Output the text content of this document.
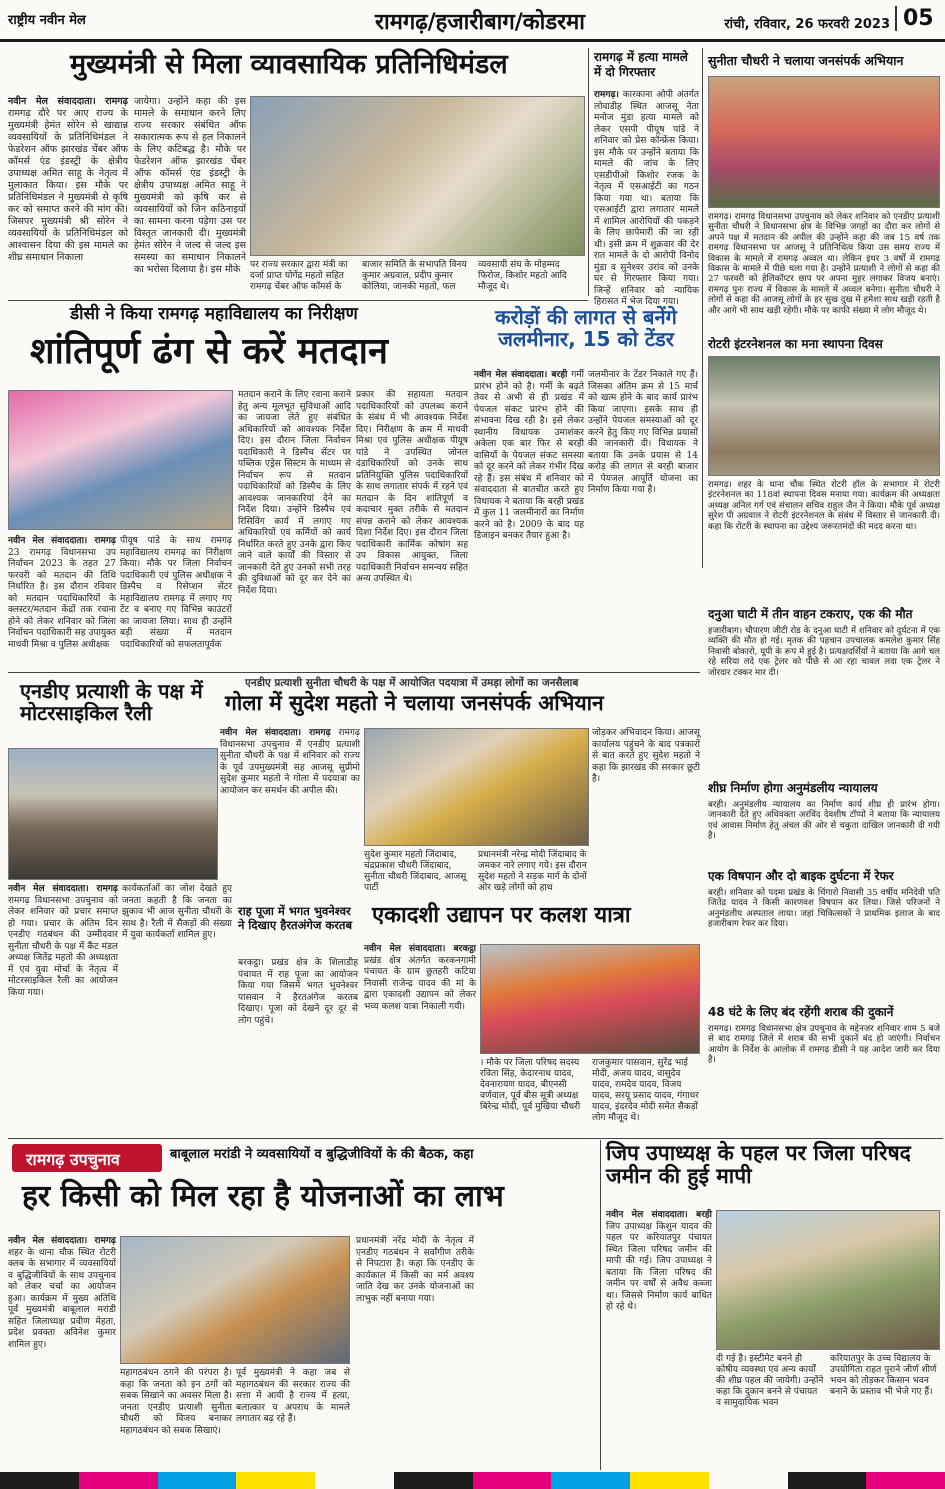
राष्ट्रीय नवीन मेल	रामगढ़/हजारीबाग/कोडरमा	रांची, रविवार, 26 फरवरी 2023 05
मुख्यमंत्री से मिला व्यावसायिक प्रतिनिधिमंडल
नवीन मेल संवाददाता। रामगढ़ रामगढ़ दौरे पर आए राज्य के मुख्यमंत्री हेमंत सोरेन से खाद्यान्न व्यवसायियों के प्रतिनिधिमंडल ने फेडरेशन ऑफ झारखंड चेंबर ऑफ कॉमर्स एंड इंडस्ट्री के क्षेत्रीय उपाध्यक्ष अमित साहू के नेतृत्व में मुलाकात किया। इस मौके पर प्रतिनिधिमंडल ने मुख्यमंत्री से कृषि कर को समाप्त करने की मांग की। जिसपर मुख्यमंत्री श्री सोरेन ने व्यवसायियों के प्रतिनिधिमंडल को आश्वासन दिया की इस मामले का शीघ्र समाधान निकाला
जायेगा। उन्होंने कहा की इस मामले के समाधान करने लिए राज्य सरकार संबंधित ऑफ सकारात्मक रूप से हल निकालने के लिए कटिबद्ध है। मौके पर फेडरेशन ऑफ झारखंड चेंबर ऑफ कॉमर्स एंड इंडस्ट्री के क्षेत्रीय उपाध्यक्ष अमित साहू ने मुख्यमंत्री को कृषि कर से व्यवसायियों को जिन कठिनाइयों का सामना करना पड़ेगा उस पर विस्तृत जानकारी दी। मुख्यमंत्री हेमंत सोरेन ने जल्द से जल्द इस समस्या का समाधान निकालने का भरोसा दिलाया है। इस मौके	पर राज्य सरकार द्वारा मंत्री का दर्जा प्राप्त योगेंद्र महतो सहित रामगढ़ चेंबर ऑफ कॉमर्स के
बाजार समिति के सभापति विनय कुमार अग्रवाल, प्रदीप कुमार कोलिया, जानकी महतो, फल
व्यवसायी संघ के मोहम्मद फिरोज, किशोर महतो आदि मौजूद थे।
रामगढ़ में हत्या मामले में दो गिरफ्तार
रामगढ़। कारकाना ओपी अंतर्गत लोवाडीह स्थित आजसू नेता मनोज मुंडा हत्या मामले को लेकर एसपी पीयूष पांडे ने शनिवार को प्रेस कॉन्फ्रेंस किया। इस मौके पर उन्होंने बताया कि मामले की जांच के लिए एसडीपीओ किशोर रजक के नेतृत्व में एसआईटी का गठन किया गया था। बताया कि एसआईटी द्वारा लगातार मामले में शामिल आरोपियों की पकड़ने के लिए छापेमारी की जा रही थी। इसी क्रम में शुक्रवार की देर रात मामले के दो आरोपी विनोद मुंडा व सुनेश्वर उरांव को उनके घर से गिरफ्तार किया गया। जिन्हें शनिवार को न्यायिक हिरासत में भेज दिया गया।
सुनीता चौधरी ने चलाया जनसंपर्क अभियान
रामगढ़। रामगढ़ विधानसभा उपचुनाव को लेकर शनिवार को एनडीए प्रत्याशी सुनीता चौधरी ने विधानसभा क्षेत्र के विभिन्न जगहों का दौरा कर लोगों से अपने पक्ष में मतदान की अपील की उन्होंने कहा की जब 15 वर्ष तक रामगढ़ विधानसभा पर आजसू ने प्रतिनिधित्व किया उस समय राज्य में विकास के मामले में रामगढ़ अव्वल था। लेकिन इधर 3 वर्षों में रामगढ़ विकास के मामले में पीछे चला गया है। उन्होंने प्रत्याशी ने लोगों से कहा की 27 फरवरी को हेलिकॉप्टर छाप पर अपना मुहर लगाकर विजय बनाएं। रामगढ़ पुनः राज्य में विकास के मामले में अव्वल बनेगा। सुनीता चौधरी ने लोगों से कहा की आजसू लोगों के हर सुख दुख में हमेशा साथ खड़ी रहती है और आगे भी साथ खड़ी रहेगी। मौके पर काफी संख्या में लोग मौजूद थे।
डीसी ने किया रामगढ़ महाविद्यालय का निरीक्षण
शांतिपूर्ण ढंग से करें मतदान
नवीन मेल संवाददाता। रामगढ़ 23 रामगढ़ विधानसभा उप निर्वाचन 2023 के तहत 27 फरवरी को मतदान की तिथि निर्धारित है। इस दौरान रविवार को मतदान पदाधिकारियों के क्लस्टर/मतदान केंद्रों तक रवाना होने को लेकर शनिवार को जिला निर्वाचन पदाधिकारी सह उपायुक्त माधवी मिश्रा व पुलिस अधीक्षक
पीयूष पांडे के साथ रामगढ़ महाविद्यालय रामगढ़ का निरीक्षण किया। मौके पर जिला निर्वाचन पदाधिकारी एवं पुलिस अधीक्षक ने डिस्पैच व रिसेप्शन सेंटर महाविद्यालय रामगढ़ में लगाए गए टेंट व बनाए गए विभिन्न काउंटरों का जायजा लिया। साथ ही उन्होंने बड़ी संख्या में मतदान पदाधिकारियों को सफलतापूर्वक
मतदान कराने के लिए रवाना कराने हेतु अन्य मूलभूत सुविधाओं आदि का जायजा लेते हुए संबंधित अधिकारियों को आवश्यक निर्देश दिए। इस दौरान जिला निर्वाचन पदाधिकारी ने डिस्पैच सेंटर पर पब्लिक एड्रेस सिस्टम के माध्यम से निर्वाचन रूप से मतदान पदाधिकारियों को डिस्पैच के लिए आवश्यक जानकारियां देने का निर्देश दिया। उन्होंने डिस्पैच एवं रिसिविंग कार्य में लगाए गए अधिकारियों एवं कर्मियों को कार्य निर्धारित करते हुए उनके द्वारा किए जाने वाले कार्यों की विस्तार से जानकारी देते हुए उनको सभी तरह की दुविधाओं को दूर कर देने का निर्देश दिया।
प्रकार की सहायता मतदान पदाधिकारियों को उपलब्ध कराने के संबंध में भी आवश्यक निर्देश दिए। निरीक्षण के क्रम में माधवी मिश्रा एवं पुलिस अधीक्षक पीयूष पांडे ने उपस्थित जोनल दंडाधिकारियों को उनके साथ प्रतिनियुक्ति पुलिस पदाधिकारियों के साथ लगातार संपर्क में रहने एवं मतदान के दिन शांतिपूर्ण व कदाचार मुक्त तरीके से मतदान संपन्न कराने को लेकर आवश्यक दिशा निर्देश दिए। इस दौरान जिला पदाधिकारी कार्मिक कोषांग सह उप विकास आयुक्त, जिला पदाधिकारी निर्वाचन समन्वय सहित अन्य उपस्थित थे।
करोड़ों की लागत से बनेंगे जलमीनार, 15 को टेंडर
नवीन मेल संवाददाता। बरही गर्मी प्रारंभ होने को है। गर्मी के बढ़ते तेवर से अभी से ही प्रखंड में पेयजल संकट प्रारंभ होने की संभावना दिख रही है। इसे लेकर स्थानीय विधायक उमाशंकर अकेला एक बार फिर से बरही वासियों के पेयजल संकट समस्या को दूर करने को लेकर गंभीर दिख रहे हैं। इस संबंध में शनिवार को संवाददाता से बातचीत करते हुए विधायक ने बताया कि बरही प्रखंड में कुल 11 जलमीनारों का निर्माण करने को है। 2009 के बाद यह डिजाइन बनकर तैयार हुआ है।
जलमीनार के टेंडर निकाले गए हैं। जिसका अंतिम क्रम से 15 मार्च को खत्म होने के बाद कार्य प्रारंभ किया जाएगा। इसके साथ ही उन्होंने पेयजल समस्याओं को दूर करने हेतु किए गए विभिन्न प्रयासों की जानकारी दी। विधायक ने बताया कि उनके प्रयास से 14 करोड़ की लागत से बरही बाजार में पेयजल आपूर्ति योजना का निर्माण किया गया है।
रोटरी इंटरनेशनल का मना स्थापना दिवस
रामगढ़। शहर के थाना चौक स्थित रोटरी हॉल के सभागार में रोटरी इंटरनेशनल का 118वां स्थापना दिवस मनाया गया। कार्यक्रम की अध्यक्षता अध्यक्ष अनिल गर्ग एवं संचालन सचिव राहुल जैन ने किया। मौके पूर्व अध्यक्ष सुरेश पी अग्रवाल ने रोटरी इंटरनेशनल के संबंध में विस्तार से जानकारी दी। कहा कि रोटरी के स्थापना का उद्देश्य जरूरतमंदों की मदद करना था।
दनुआ घाटी में तीन वाहन टकराए, एक की मौत
हजारीबाग। चौपारण जीटी रोड के दनुआ घाटी में शनिवार को दुर्घटना में एक व्यक्ति की मौत हो गई। मृतक की पहचान उपचालक कमलेश कुमार सिंह निवासी बोकारो, यूपी के रूप में हुई है। प्रत्यक्षदर्शियों ने बताया कि आगे चल रहे सरिया लदे एक ट्रेलर को पीछे से आ रहा चावल लदा एक ट्रेलर ने जोरदार टक्कर मार दी।
शीघ्र निर्माण होगा अनुमंडलीय न्यायालय
बरही। अनुमंडलीय न्यायालय का निर्माण कार्य शीघ्र ही प्रारंभ होगा। जानकारी देते हुए अधिवक्ता अरविंद देवशीष टॉप्पो ने बताया कि न्यायालय एवं आवास निर्माण हेतु अंचल की ओर से चकुता दाखिल जानकारी दी गयी है।
एक विषपान और दो बाइक दुर्घटना में रेफर
बरही। शनिवार को पदमा प्रखंड के चिंगारो निवासी 35 वर्षीय मनिदेवी पति जितेंद्र यादव ने किसी कारणवश विषपान कर लिया। जिसे परिजनों ने अनुमंडलीय अस्पताल लाया। जहां चिकित्सकों ने प्राथमिक इलाज के बाद हजारीबाग रेफर कर दिया।
48 घंटे के लिए बंद रहेंगी शराब की दुकानें
रामगढ़। रामगढ़ विधानसभा क्षेत्र उपचुनाव के मद्देनजर शनिवार शाम 5 बजे से बाद रामगढ़ जिले में शराब की सभी दुकानें बंद हो जाएंगी। निर्वाचन आयोग के निर्देश के आलोक में रामगढ़ डीसी ने यह आदेश जारी कर दिया है।
एनडीए प्रत्याशी सुनीता चौधरी के पक्ष में आयोजित पदयात्रा में उमड़ा लोगों का जनसैलाब
गोला में सुदेश महतो ने चलाया जनसंपर्क अभियान
नवीन मेल संवाददाता। रामगढ़ रामगढ़ विधानसभा उपचुनाव में एनडीए प्रत्याशी सुनीता चौधरी के पक्ष में शनिवार को राज्य के पूर्व उपमुख्यमंत्री सह आजसू सुप्रीमो सुदेश कुमार महतो ने गोला में पदयात्रा का आयोजन कर समर्थन की अपील की।
सुदेश कुमार महतो जिंदाबाद, चंद्रप्रकाश चौधरी जिंदाबाद, सुनीता चौधरी जिंदाबाद, आजसू पार्टी
प्रधानमंत्री नरेन्द्र मोदी जिंदाबाद के जमकर नारे लगाए गये। इस दौरान सुदेश महतो ने सड़क मार्ग के दोनों ओर खड़े लोगों को हाथ
जोड़कर अभिवादन किया। आजसू कार्यालय पहुंचने के बाद पत्रकारों से बात करते हुए सुदेश महतो ने कहा कि झारखंड की सरकार छूटी है।
एनडीए प्रत्याशी के पक्ष में मोटरसाइकिल रैली
नवीन मेल संवाददाता। रामगढ़ रामगढ़ विधानसभा उपचुनाव को लेकर शनिवार को प्रचार समाप्त हो गया। प्रचार के अंतिम दिन एनडीए गठबंधन की उम्मीदवार सुनीता चौधरी के पक्ष में कैंट मंडल अध्यक्ष जितेंद्र महतो की अध्यक्षता में एवं युवा मोर्चा के नेतृत्व में मोटरसाइकिल रैली का आयोजन किया गया।
कार्यकर्ताओं का जोश देखते हुए जनता कहती है कि जनता का झुकाव भी आज सुनीता चौधरी के साथ है। रैली में सैकड़ों की संख्या में युवा कार्यकर्ता शामिल हुए।
राह पूजा में भगत भुवनेश्वर ने दिखाए हैरतअंगेज करतब
बरकट्ठा। प्रखंड क्षेत्र के शिलाडीह पंचायत में राह पूजा का आयोजन किया गया जिसमें भगत भुवनेश्वर पासवान ने हैरतअंगेज करतब दिखाए। पूजा को देखने दूर दूर से लोग पहुंचे।
एकादशी उद्यापन पर कलश यात्रा
नवीन मेल संवाददाता। बरकट्ठा प्रखंड क्षेत्र अंतर्गत करकनगामी पंचायत के ग्राम छुतहरी कटिया निवासी राजेन्द्र यादव की मां के द्वारा एकादशी उद्यापन को लेकर भव्य कलश यात्रा निकाली गयी।
। मौके पर जिला परिषद सदस्य रविता सिंह, केदारनाथ यादव, देवनारायण यादव, बीएनसी वर्णवाल, पूर्व बीस सूत्री अध्यक्ष बिरेन्द्र मोदी, पूर्व मुखिया चौधरी
राजकुमार पासवान, सुरेंद्र भाई मोदी, अजय यादव, वासुदेव यादव, रामदेव यादव, विजय यादव, सरयू प्रसाद यादव, गंगाधर यादव, इंदरदेव मोदी समेत सैकड़ों लोग मौजूद थे।
रामगढ़ उपचुनाव	बाबूलाल मरांडी ने व्यवसायियों व बुद्धिजीवियों के की बैठक, कहा
हर किसी को मिल रहा है योजनाओं का लाभ
नवीन मेल संवाददाता। रामगढ़ शहर के थाना चौक स्थित रोटरी क्लब के सभागार में व्यवसायियों व बुद्धिजीवियों के साथ उपचुनाव को लेकर चर्चा का आयोजन हुआ। कार्यक्रम में मुख्य अतिथि पूर्व मुख्यमंत्री बाबूलाल मरांडी सहित जिलाध्यक्ष प्रवीण मेहता, प्रदेश प्रवक्ता अविनेश कुमार शामिल हुए।
महागठबंधन ठगने की परंपरा है। कहा कि जनता को इन ठगों को सबक सिखाने का अवसर मिला है। जनता एनडीए प्रत्याशी सुनीता चौधरी को विजय बनाकर महागठबंधन को सबक सिखाएं।
पूर्व मुख्यमंत्री ने कहा जब से महागठबंधन की सरकार राज्य की सत्ता में आयी है राज्य में हत्या, बलात्कार व अपराध के मामले लगातार बढ़ रहे हैं।
प्रधानमंत्री नरेंद्र मोदी के नेतृत्व में एनडीए गठबंधन ने सर्वांगीण तरीके से निपटारा है। कहा कि एनडीए के कार्यकाल में किसी का मर्म अवश्य जाति देख कर उनके योजनाओं का लाभुक नहीं बनाया गया।
जिप उपाध्यक्ष के पहल पर जिला परिषद जमीन की हुई मापी
नवीन मेल संवाददाता। बरही जिप उपाध्यक्ष किशुन यादव की पहल पर करियातपुर पंचायत स्थित जिला परिषद जमीन की मापी की गई। जिप उपाध्यक्ष ने बताया कि जिला परिषद की जमीन पर वर्षों से अवैध कब्जा था। जिससे निर्माण कार्य बाधित हो रहे थे।
दी गई है। इस्टीमेट बनने ही कोषीय व्यवस्था एवं अन्य कार्यों की शीघ्र पहल की जायेगी। उन्होंने कहा कि दुकान बनने से पंचायत व सामुदायिक भवन
करियातपुर के उच्च विद्यालय के उपयोगिता राहत पुराने जीर्ण शीर्ण भवन को तोड़कर किसान भवन बनाने के प्रस्ताव भी भेजे गए हैं।
